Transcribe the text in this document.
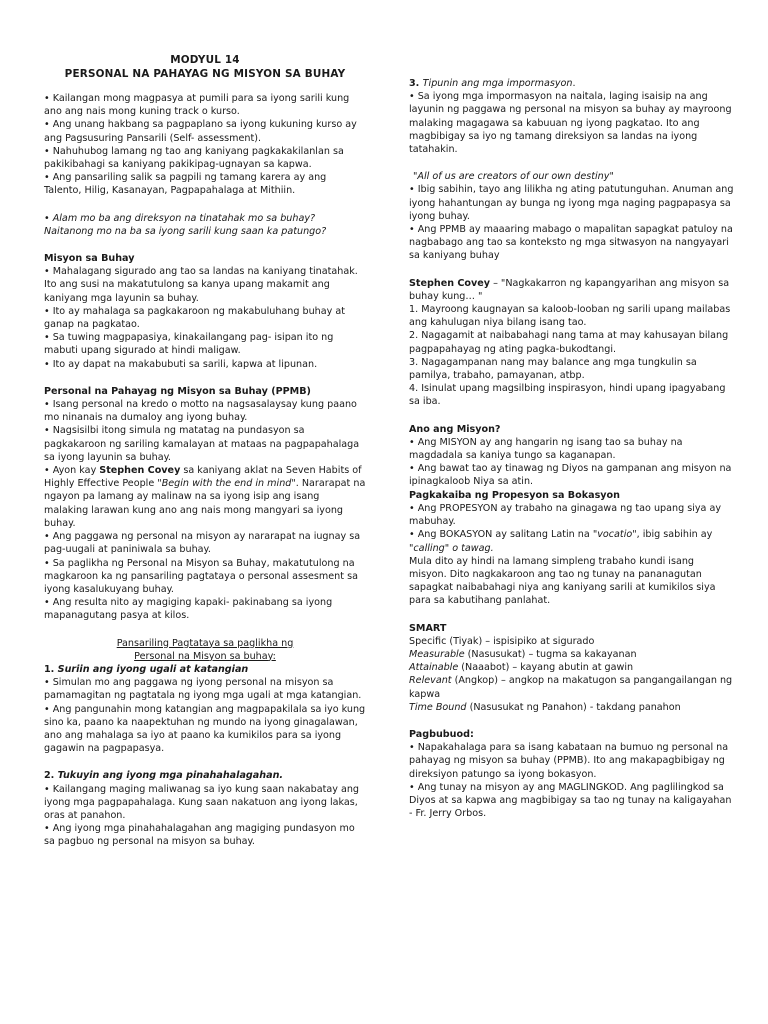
MODYUL 14
PERSONAL NA PAHAYAG NG MISYON SA BUHAY

• Kailangan mong magpasya at pumili para sa iyong sarili kung ano ang nais mong kuning track o kurso.

• Ang unang hakbang sa pagpaplano sa iyong kukuning kurso ay ang Pagsusuring Pansarili (Self- assessment).

• Nahuhubog lamang ng tao ang kaniyang pagkakakilanlan sa pakikibahagi sa kaniyang pakikipag-ugnayan sa kapwa.

• Ang pansariling salik sa pagpili ng tamang karera ay ang Talento, Hilig, Kasanayan, Pagpapahalaga at Mithiin.

• Alam mo ba ang direksyon na tinatahak mo sa buhay? Naitanong mo na ba sa iyong sarili kung saan ka patungo?

Misyon sa Buhay

• Mahalagang sigurado ang tao sa landas na kaniyang tinatahak. Ito ang susi na makatutulong sa kanya upang makamit ang kaniyang mga layunin sa buhay.

• Ito ay mahalaga sa pagkakaroon ng makabuluhang buhay at ganap na pagkatao.

• Sa tuwing magpapasiya, kinakailangang pag- isipan ito ng mabuti upang sigurado at hindi maligaw.

• Ito ay dapat na makabubuti sa sarili, kapwa at lipunan.

Personal na Pahayag ng Misyon sa Buhay (PPMB)

• Isang personal na kredo o motto na nagsasalaysay kung paano mo ninanais na dumaloy ang iyong buhay.

• Nagsisilbi itong simula ng matatag na pundasyon sa pagkakaroon ng sariling kamalayan at mataas na pagpapahalaga sa iyong layunin sa buhay.

• Ayon kay Stephen Covey sa kaniyang aklat na Seven Habits of Highly Effective People "Begin with the end in mind". Nararapat na ngayon pa lamang ay malinaw na sa iyong isip ang isang malaking larawan kung ano ang nais mong mangyari sa iyong buhay.

• Ang paggawa ng personal na misyon ay nararapat na iugnay sa pag-uugali at paniniwala sa buhay.

• Sa paglikha ng Personal na Misyon sa Buhay, makatutulong na magkaroon ka ng pansariling pagtataya o personal assesment sa iyong kasalukuyang buhay.

• Ang resulta nito ay magiging kapaki- pakinabang sa iyong mapanagutang pasya at kilos.

Pansariling Pagtataya sa paglikha ng

Personal na Misyon sa buhay:

1. Suriin ang iyong ugali at katangian

• Simulan mo ang paggawa ng iyong personal na misyon sa pamamagitan ng pagtatala ng iyong mga ugali at mga katangian.

• Ang pangunahin mong katangian ang magpapakilala sa iyo kung sino ka, paano ka naapektuhan ng mundo na iyong ginagalawan, ano ang mahalaga sa iyo at paano ka kumikilos para sa iyong gagawin na pagpapasya.

2. Tukuyin ang iyong mga pinahahalagahan.

• Kailangang maging maliwanag sa iyo kung saan nakabatay ang iyong mga pagpapahalaga. Kung saan nakatuon ang iyong lakas, oras at panahon.

• Ang iyong mga pinahahalagahan ang magiging pundasyon mo sa pagbuo ng personal na misyon sa buhay.

3. Tipunin ang mga impormasyon.

• Sa iyong mga impormasyon na naitala, laging isaisip na ang layunin ng paggawa ng personal na misyon sa buhay ay mayroong malaking magagawa sa kabuuan ng iyong pagkatao. Ito ang magbibigay sa iyo ng tamang direksiyon sa landas na iyong tatahakin.

"All of us are creators of our own destiny"

• Ibig sabihin, tayo ang lilikha ng ating patutunguhan. Anuman ang iyong hahantungan ay bunga ng iyong mga naging pagpapasya sa iyong buhay.

• Ang PPMB ay maaaring mabago o mapalitan sapagkat patuloy na nagbabago ang tao sa konteksto ng mga sitwasyon na nangyayari sa kaniyang buhay

Stephen Covey – "Nagkakarron ng kapangyarihan ang misyon sa buhay kung… "

1. Mayroong kaugnayan sa kaloob-looban ng sarili upang mailabas ang kahulugan niya bilang isang tao.

2. Nagagamit at naibabahagi nang tama at may kahusayan bilang pagpapahayag ng ating pagka-bukodtangi.

3. Nagagampanan nang may balance ang mga tungkulin sa pamilya, trabaho, pamayanan, atbp.

4. Isinulat upang magsilbing inspirasyon, hindi upang ipagyabang sa iba.

Ano ang Misyon?

• Ang MISYON ay ang hangarin ng isang tao sa buhay na magdadala sa kaniya tungo sa kaganapan.

• Ang bawat tao ay tinawag ng Diyos na gampanan ang misyon na ipinagkaloob Niya sa atin.

Pagkakaiba ng Propesyon sa Bokasyon

• Ang PROPESYON ay trabaho na ginagawa ng tao upang siya ay mabuhay.

• Ang BOKASYON ay salitang Latin na "vocatio", ibig sabihin ay "calling" o tawag.

Mula dito ay hindi na lamang simpleng trabaho kundi isang misyon. Dito nagkakaroon ang tao ng tunay na pananagutan sapagkat naibabahagi niya ang kaniyang sarili at kumikilos siya para sa kabutihang panlahat.

SMART

Specific (Tiyak) – ispisipiko at sigurado

Measurable (Nasusukat) – tugma sa kakayanan

Attainable (Naaabot) – kayang abutin at gawin

Relevant (Angkop) – angkop na makatugon sa pangangailangan ng kapwa

Time Bound (Nasusukat ng Panahon) - takdang panahon

Pagbubuod:

• Napakahalaga para sa isang kabataan na bumuo ng personal na pahayag ng misyon sa buhay (PPMB). Ito ang makapagbibigay ng direksiyon patungo sa iyong bokasyon.

• Ang tunay na misyon ay ang MAGLINGKOD. Ang paglilingkod sa Diyos at sa kapwa ang magbibigay sa tao ng tunay na kaligayahan - Fr. Jerry Orbos.
